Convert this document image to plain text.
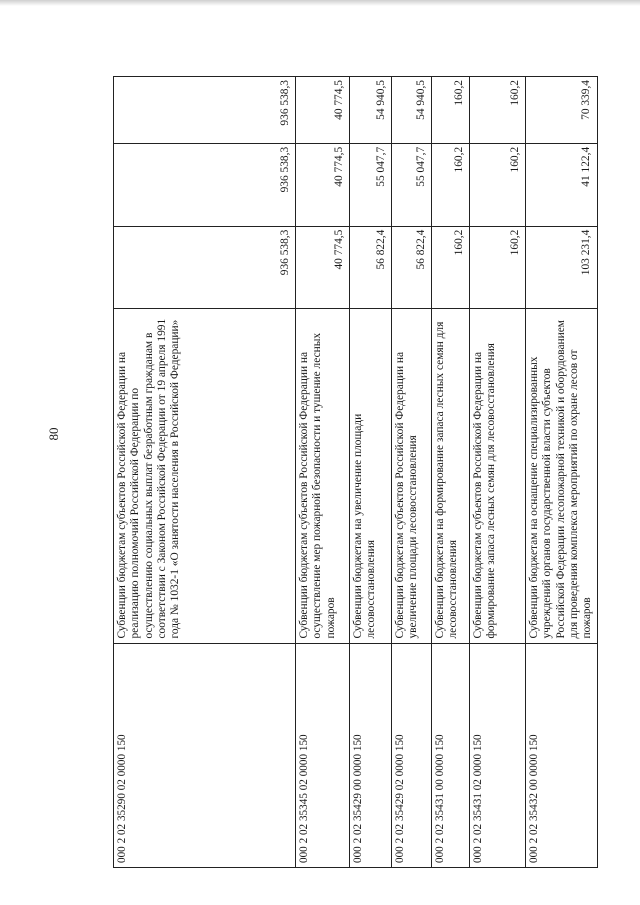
80
000 2 02 35290 02 0000 150	Субвенции бюджетам субъектов Российской Федерации на реализацию полномочий Российской Федерации по осуществлению социальных выплат безработным гражданам в соответствии с Законом Российской Федерации от 19 апреля 1991 года № 1032-1 «О занятости населения в Российской Федерации»	936 538,3	936 538,3	936 538,3
000 2 02 35345 02 0000 150	Субвенции бюджетам субъектов Российской Федерации на осуществление мер пожарной безопасности и тушение лесных пожаров	40 774,5	40 774,5	40 774,5
000 2 02 35429 00 0000 150	Субвенции бюджетам на увеличение площади лесовосстановления	56 822,4	55 047,7	54 940,5
000 2 02 35429 02 0000 150	Субвенции бюджетам субъектов Российской Федерации на увеличение площади лесовосстановления	56 822,4	55 047,7	54 940,5
000 2 02 35431 00 0000 150	Субвенции бюджетам на формирование запаса лесных семян для лесовосстановления	160,2	160,2	160,2
000 2 02 35431 02 0000 150	Субвенции бюджетам субъектов Российской Федерации на формирование запаса лесных семян для лесовосстановления	160,2	160,2	160,2
000 2 02 35432 00 0000 150	Субвенции бюджетам на оснащение специализированных учреждений органов государственной власти субъектов Российской Федерации лесопожарной техникой и оборудованием для проведения комплекса мероприятий по охране лесов от пожаров	103 231,4	41 122,4	70 339,4
